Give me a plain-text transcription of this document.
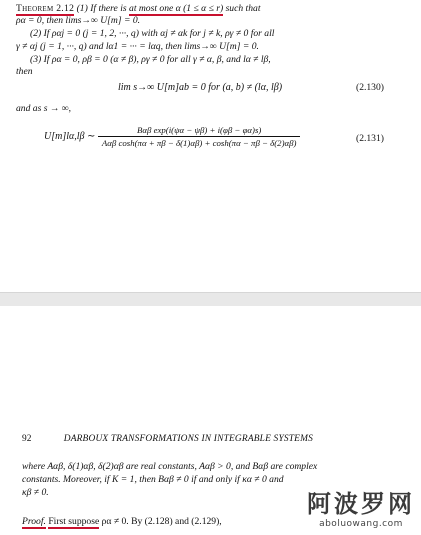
Theorem 2.12 (1) If there is at most one α (1 ≤ α ≤ r) such that
ρα = 0, then lims→∞ U[m] = 0.
(2) If ραj = 0 (j = 1, 2, ···, q) with αj ≠ αk for j ≠ k, ργ ≠ 0 for all
γ ≠ αj (j = 1, ···, q) and lα1 = ··· = lαq, then lims→∞ U[m] = 0.
(3) If ρα = 0, ρβ = 0 (α ≠ β), ργ ≠ 0 for all γ ≠ α, β, and lα ≠ lβ,
then
lim s→∞ U[m]ab = 0 for (a, b) ≠ (lα, lβ)	(2.130)
and as s → ∞,
U[m]lα,lβ ∼ $\frac{\text{Bαβ exp(i(ψα − ψβ) + i(φβ − φα)s)}}{\text{Aαβ cosh(πα + πβ − δ(1)αβ) + cosh(πα − πβ − δ(2)αβ)}}$	(2.131)
92	DARBOUX TRANSFORMATIONS IN INTEGRABLE SYSTEMS
where Aαβ, δ(1)αβ, δ(2)αβ are real constants, Aαβ > 0, and Bαβ are complex
constants. Moreover, if K = 1, then Bαβ ≠ 0 if and only if κα ≠ 0 and
κβ ≠ 0.
Proof. First suppose ρα ≠ 0. By (2.128) and (2.129),
阿波罗网
aboluowang.com
